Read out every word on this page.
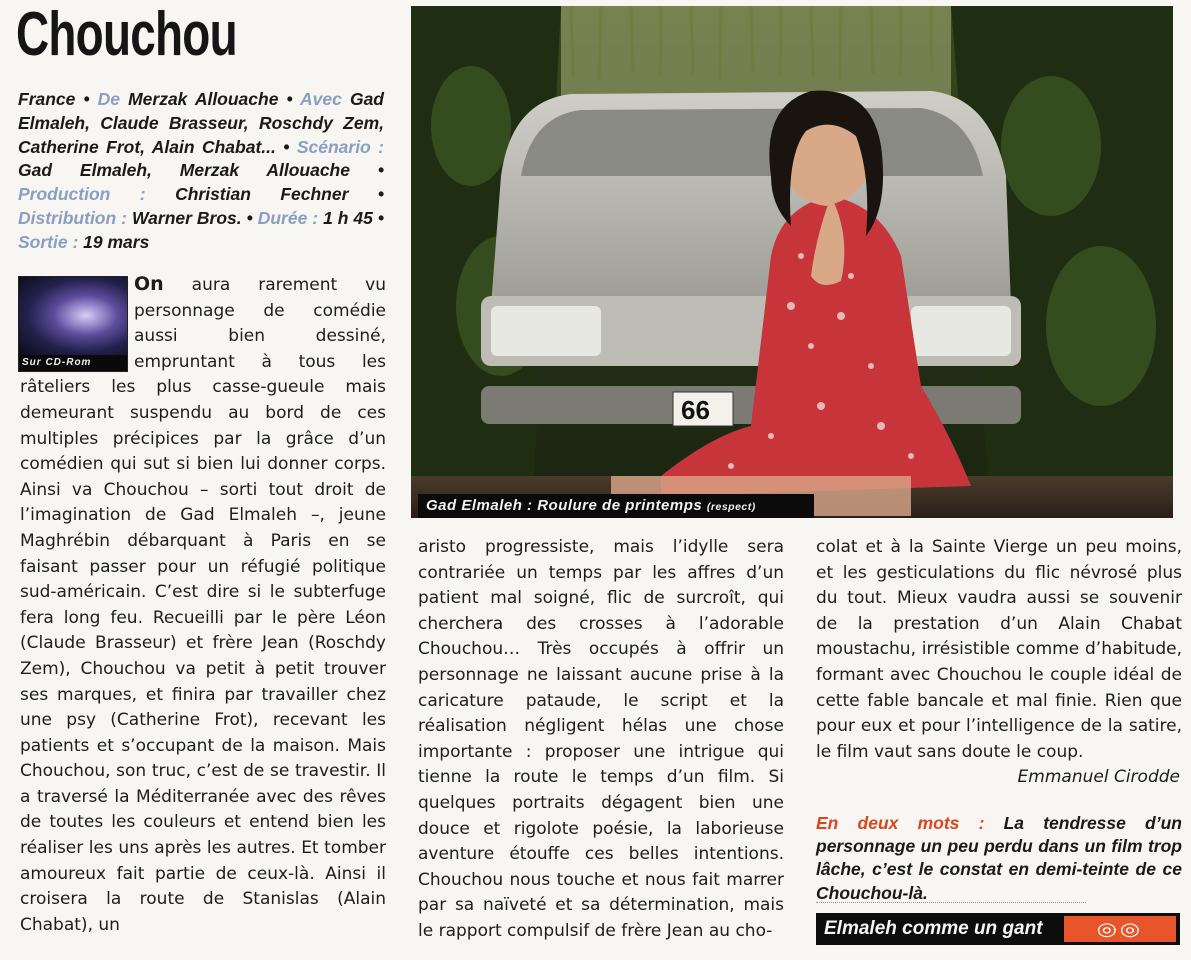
Chouchou
France • De Merzak Allouache • Avec Gad Elmaleh, Claude Brasseur, Roschdy Zem, Catherine Frot, Alain Chabat... • Scénario : Gad Elmaleh, Merzak Allouache • Production : Christian Fechner • Distribution : Warner Bros. • Durée : 1 h 45 • Sortie : 19 mars
Sur CD-Rom
On aura rarement vu personnage de comédie aussi bien dessiné, empruntant à tous les râteliers les plus casse-gueule mais demeurant suspendu au bord de ces multiples précipices par la grâce d’un comédien qui sut si bien lui donner corps. Ainsi va Chouchou – sorti tout droit de l’imagination de Gad Elmaleh –, jeune Maghrébin débarquant à Paris en se faisant passer pour un réfugié politique sud-américain. C’est dire si le subterfuge fera long feu. Recueilli par le père Léon (Claude Brasseur) et frère Jean (Roschdy Zem), Chouchou va petit à petit trouver ses marques, et finira par travailler chez une psy (Catherine Frot), recevant les patients et s’occupant de la maison. Mais Chouchou, son truc, c’est de se travestir. Il a traversé la Méditerranée avec des rêves de toutes les couleurs et entend bien les réaliser les uns après les autres. Et tomber amoureux fait partie de ceux-là. Ainsi il croisera la route de Stanislas (Alain Chabat), un
66
Gad Elmaleh : Roulure de printemps (respect)
aristo progressiste, mais l’idylle sera contrariée un temps par les affres d’un patient mal soigné, flic de surcroît, qui cherchera des crosses à l’adorable Chouchou… Très occupés à offrir un personnage ne laissant aucune prise à la caricature pataude, le script et la réalisation négligent hélas une chose importante : proposer une intrigue qui tienne la route le temps d’un film. Si quelques portraits dégagent bien une douce et rigolote poésie, la laborieuse aventure étouffe ces belles intentions. Chouchou nous touche et nous fait marrer par sa naïveté et sa détermination, mais le rapport compulsif de frère Jean au cho-
colat et à la Sainte Vierge un peu moins, et les gesticulations du flic névrosé plus du tout. Mieux vaudra aussi se souvenir de la prestation d’un Alain Chabat moustachu, irrésistible comme d’habitude, formant avec Chouchou le couple idéal de cette fable bancale et mal finie. Rien que pour eux et pour l’intelligence de la satire, le film vaut sans doute le coup.
Emmanuel Cirodde
En deux mots : La tendresse d’un personnage un peu perdu dans un film trop lâche, c’est le constat en demi-teinte de ce Chouchou-là.
Elmaleh comme un gant	◎◎
